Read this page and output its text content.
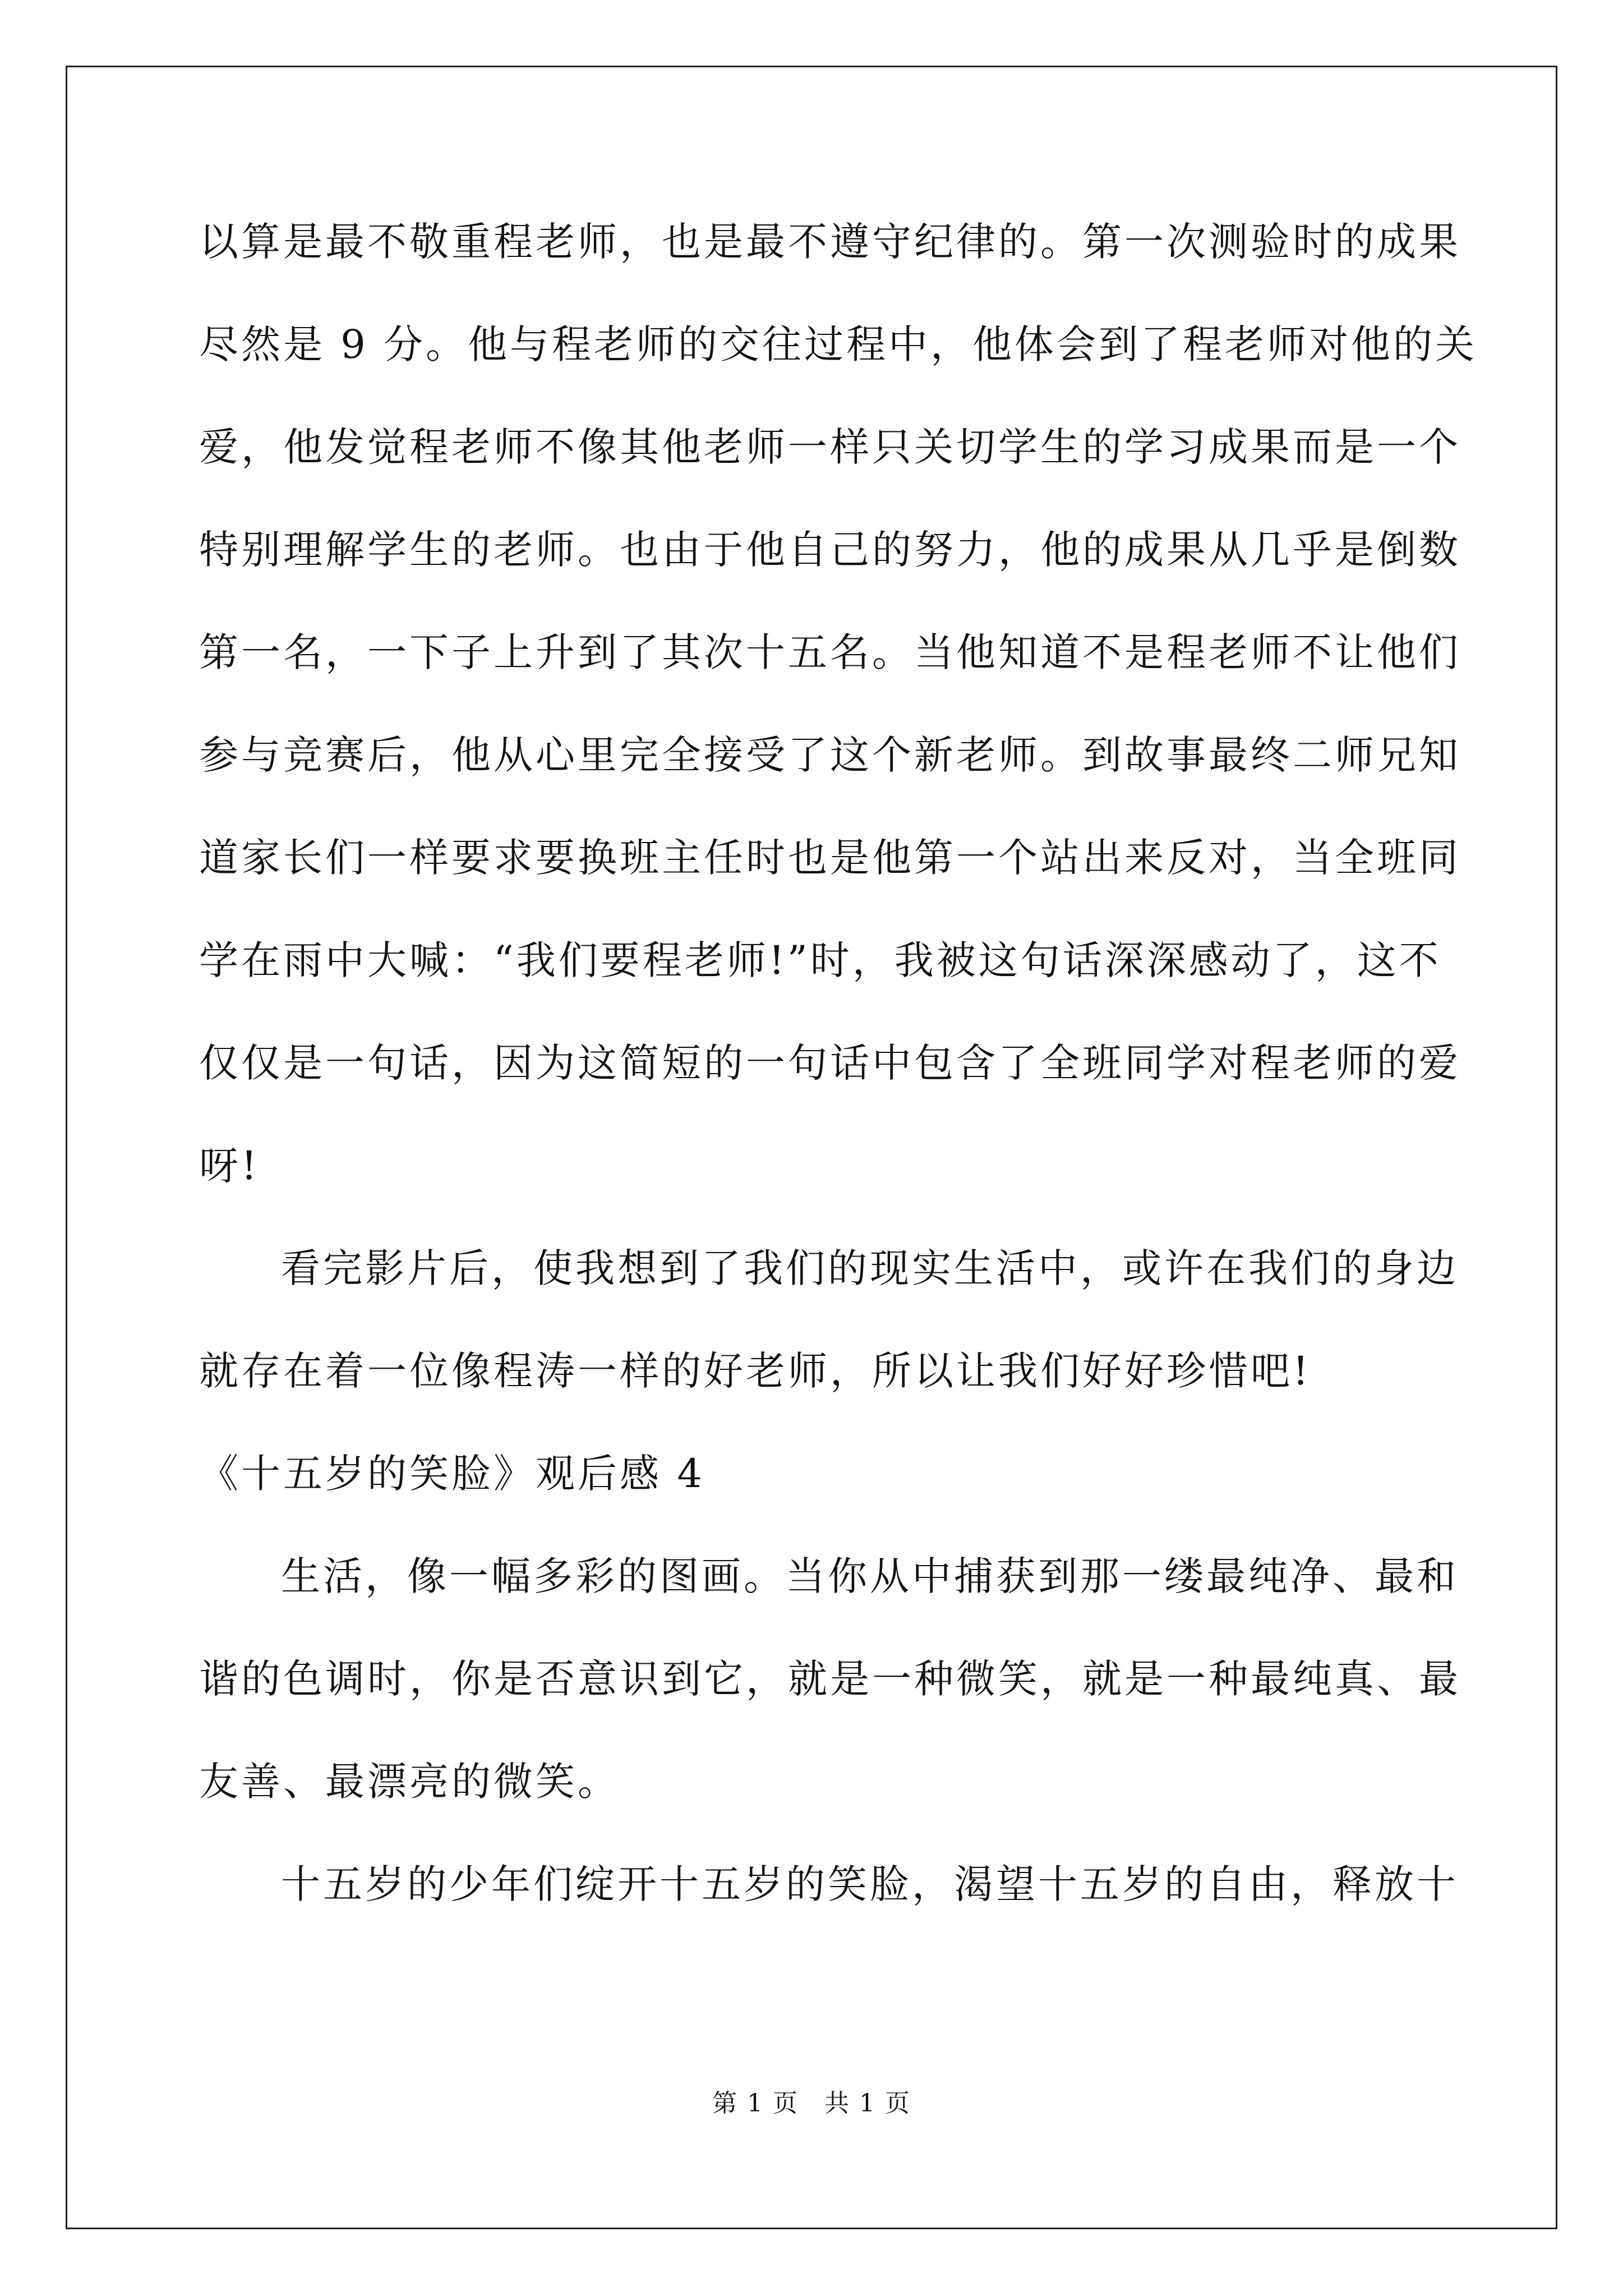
以算是最不敬重程老师，也是最不遵守纪律的。第一次测验时的成果
尽然是 9 分。他与程老师的交往过程中，他体会到了程老师对他的关
爱，他发觉程老师不像其他老师一样只关切学生的学习成果而是一个
特别理解学生的老师。也由于他自己的努力，他的成果从几乎是倒数
第一名，一下子上升到了其次十五名。当他知道不是程老师不让他们
参与竞赛后，他从心里完全接受了这个新老师。到故事最终二师兄知
道家长们一样要求要换班主任时也是他第一个站出来反对，当全班同
学在雨中大喊：“我们要程老师!”时，我被这句话深深感动了，这不
仅仅是一句话，因为这简短的一句话中包含了全班同学对程老师的爱
呀!
看完影片后，使我想到了我们的现实生活中，或许在我们的身边
就存在着一位像程涛一样的好老师，所以让我们好好珍惜吧!
《十五岁的笑脸》观后感 4
生活，像一幅多彩的图画。当你从中捕获到那一缕最纯净、最和
谐的色调时，你是否意识到它，就是一种微笑，就是一种最纯真、最
友善、最漂亮的微笑。
十五岁的少年们绽开十五岁的笑脸，渴望十五岁的自由，释放十
第 1 页　共 1 页
